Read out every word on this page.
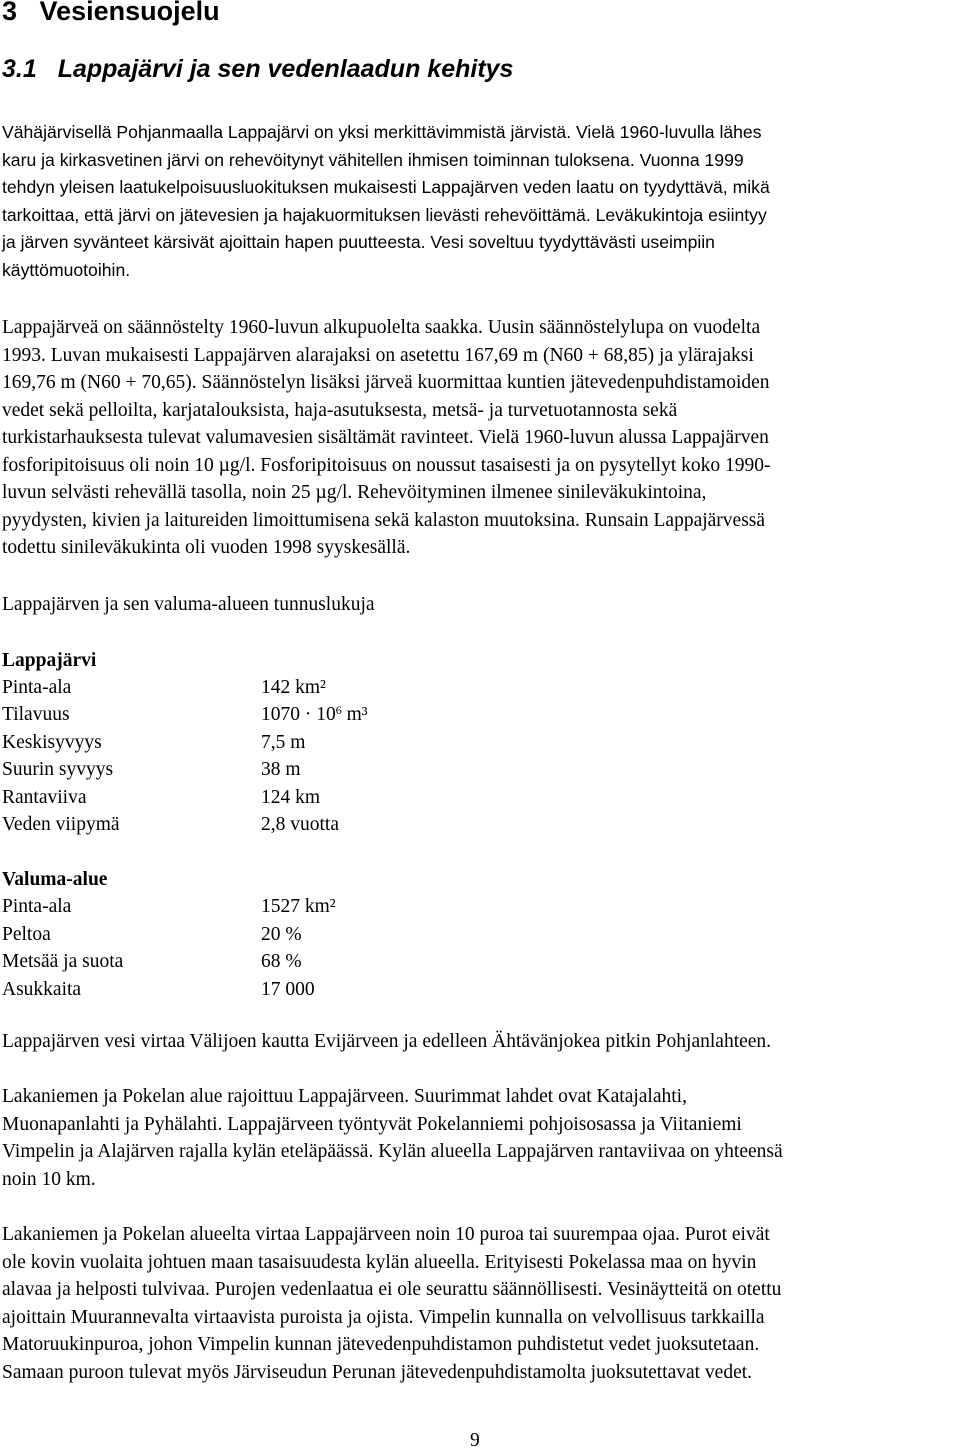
3 Vesiensuojelu
3.1 Lappajärvi ja sen vedenlaadun kehitys
Vähäjärvisellä Pohjanmaalla Lappajärvi on yksi merkittävimmistä järvistä. Vielä 1960-luvulla lähes
karu ja kirkasvetinen järvi on rehevöitynyt vähitellen ihmisen toiminnan tuloksena. Vuonna 1999
tehdyn yleisen laatukelpoisuusluokituksen mukaisesti Lappajärven veden laatu on tyydyttävä, mikä
tarkoittaa, että järvi on jätevesien ja hajakuormituksen lievästi rehevöittämä. Leväkukintoja esiintyy
ja järven syvänteet kärsivät ajoittain hapen puutteesta. Vesi soveltuu tyydyttävästi useimpiin
käyttömuotoihin.
Lappajärveä on säännöstelty 1960-luvun alkupuolelta saakka. Uusin säännöstelylupa on vuodelta
1993. Luvan mukaisesti Lappajärven alarajaksi on asetettu 167,69 m (N60 + 68,85) ja ylärajaksi
169,76 m (N60 + 70,65). Säännöstelyn lisäksi järveä kuormittaa kuntien jätevedenpuhdistamoiden
vedet sekä pelloilta, karjatalouksista, haja-asutuksesta, metsä- ja turvetuotannosta sekä
turkistarhauksesta tulevat valumavesien sisältämät ravinteet. Vielä 1960-luvun alussa Lappajärven
fosforipitoisuus oli noin 10 µg/l. Fosforipitoisuus on noussut tasaisesti ja on pysytellyt koko 1990-
luvun selvästi rehevällä tasolla, noin 25 µg/l. Rehevöityminen ilmenee sinileväkukintoina,
pyydysten, kivien ja laitureiden limoittumisena sekä kalaston muutoksina. Runsain Lappajärvessä
todettu sinileväkukinta oli vuoden 1998 syyskesällä.
Lappajärven ja sen valuma-alueen tunnuslukuja
Lappajärvi
Pinta-ala	142 km²
Tilavuus	$1070 \cdot 10^6$ m³
Keskisyvyys	7,5 m
Suurin syvyys	38 m
Rantaviiva	124 km
Veden viipymä	2,8 vuotta
Valuma-alue
Pinta-ala	1527 km²
Peltoa	20 %
Metsää ja suota	68 %
Asukkaita	17 000
Lappajärven vesi virtaa Välijoen kautta Evijärveen ja edelleen Ähtävänjokea pitkin Pohjanlahteen.
Lakaniemen ja Pokelan alue rajoittuu Lappajärveen. Suurimmat lahdet ovat Katajalahti,
Muonapanlahti ja Pyhälahti. Lappajärveen työntyvät Pokelanniemi pohjoisosassa ja Viitaniemi
Vimpelin ja Alajärven rajalla kylän eteläpäässä. Kylän alueella Lappajärven rantaviivaa on yhteensä
noin 10 km.
Lakaniemen ja Pokelan alueelta virtaa Lappajärveen noin 10 puroa tai suurempaa ojaa. Purot eivät
ole kovin vuolaita johtuen maan tasaisuudesta kylän alueella. Erityisesti Pokelassa maa on hyvin
alavaa ja helposti tulvivaa. Purojen vedenlaatua ei ole seurattu säännöllisesti. Vesinäytteitä on otettu
ajoittain Muurannevalta virtaavista puroista ja ojista. Vimpelin kunnalla on velvollisuus tarkkailla
Matoruukinpuroa, johon Vimpelin kunnan jätevedenpuhdistamon puhdistetut vedet juoksutetaan.
Samaan puroon tulevat myös Järviseudun Perunan jätevedenpuhdistamolta juoksutettavat vedet.
9
